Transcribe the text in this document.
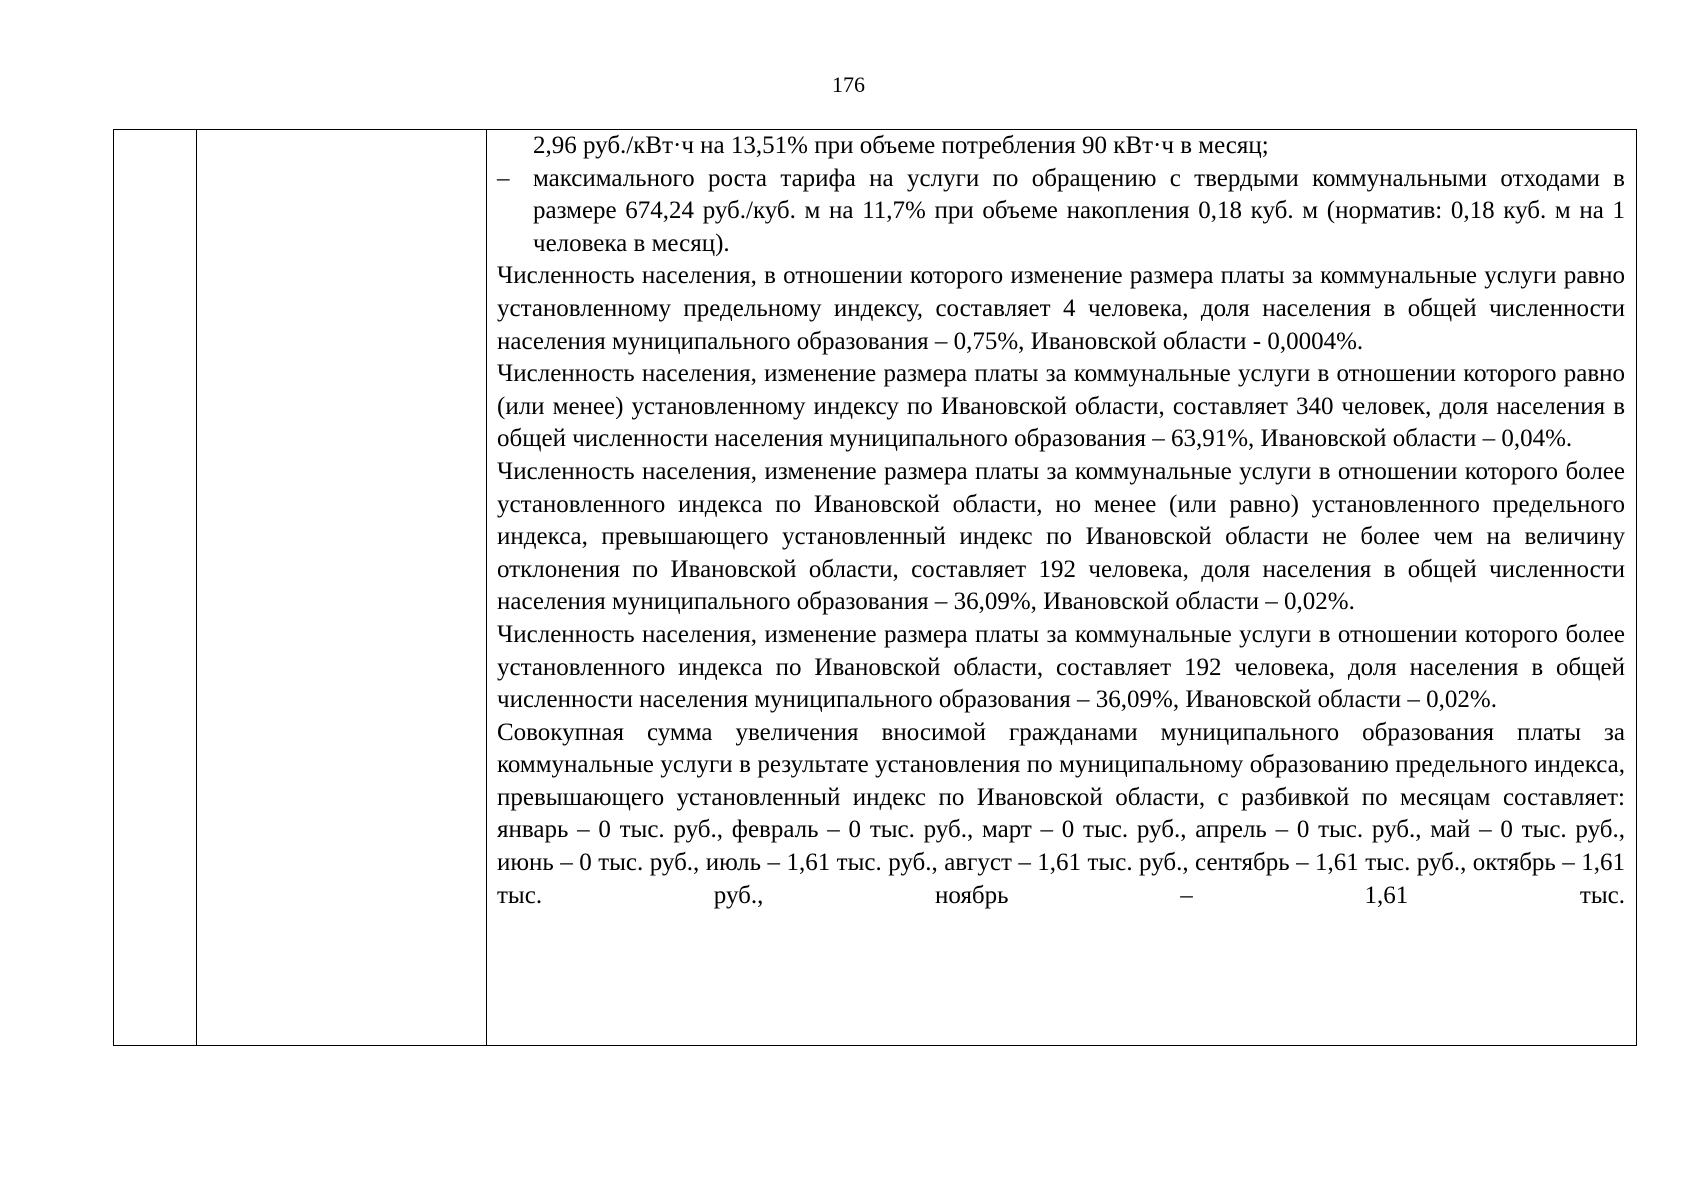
176

2,96 руб./кВт·ч на 13,51% при объеме потребления 90 кВт·ч в месяц;

– максимального роста тарифа на услуги по обращению с твердыми коммунальными отходами в размере 674,24 руб./куб. м на 11,7% при объеме накопления 0,18 куб. м (норматив: 0,18 куб. м на 1 человека в месяц).

Численность населения, в отношении которого изменение размера платы за коммунальные услуги равно установленному предельному индексу, составляет 4 человека, доля населения в общей численности населения муниципального образования – 0,75%, Ивановской области - 0,0004%.

Численность населения, изменение размера платы за коммунальные услуги в отношении которого равно (или менее) установленному индексу по Ивановской области, составляет 340 человек, доля населения в общей численности населения муниципального образования – 63,91%, Ивановской области – 0,04%.

Численность населения, изменение размера платы за коммунальные услуги в отношении которого более установленного индекса по Ивановской области, но менее (или равно) установленного предельного индекса, превышающего установленный индекс по Ивановской области не более чем на величину отклонения по Ивановской области, составляет 192 человека, доля населения в общей численности населения муниципального образования – 36,09%, Ивановской области – 0,02%.

Численность населения, изменение размера платы за коммунальные услуги в отношении которого более установленного индекса по Ивановской области, составляет 192 человека, доля населения в общей численности населения муниципального образования – 36,09%, Ивановской области – 0,02%.

Совокупная сумма увеличения вносимой гражданами муниципального образования платы за коммунальные услуги в результате установления по муниципальному образованию предельного индекса, превышающего установленный индекс по Ивановской области, с разбивкой по месяцам составляет: январь – 0 тыс. руб., февраль – 0 тыс. руб., март – 0 тыс. руб., апрель – 0 тыс. руб., май – 0 тыс. руб., июнь – 0 тыс. руб., июль – 1,61 тыс. руб., август – 1,61 тыс. руб., сентябрь – 1,61 тыс. руб., октябрь – 1,61 тыс. руб., ноябрь – 1,61 тыс.
